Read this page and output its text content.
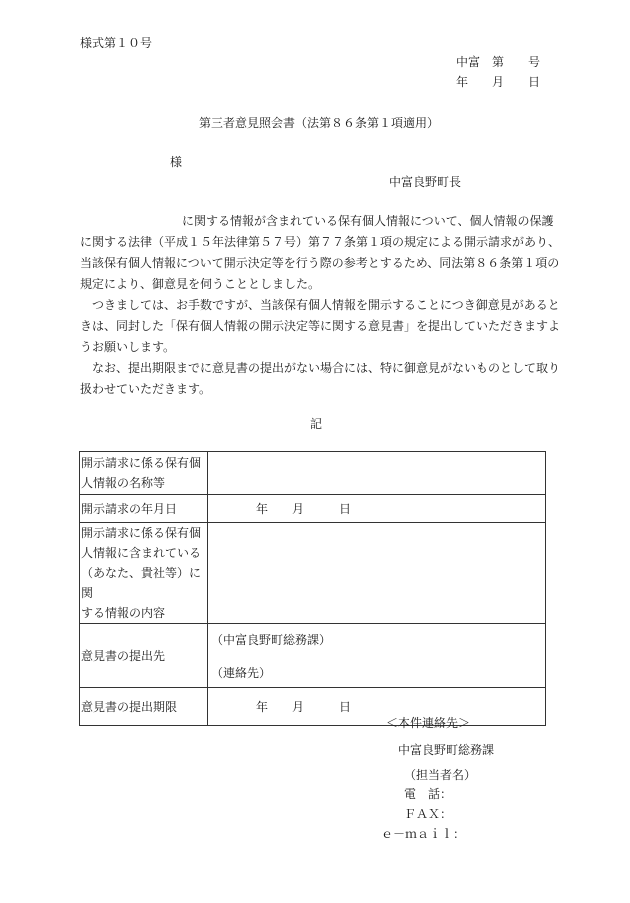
様式第１０号
中富　第　　号
年　　月　　日
第三者意見照会書（法第８６条第１項適用）
様
中富良野町長
に関する情報が含まれている保有個人情報について、個人情報の保護
に関する法律（平成１５年法律第５７号）第７７条第１項の規定による開示請求があり、
当該保有個人情報について開示決定等を行う際の参考とするため、同法第８６条第１項の
規定により、御意見を伺うこととしました。
つきましては、お手数ですが、当該保有個人情報を開示することにつき御意見があると
きは、同封した「保有個人情報の開示決定等に関する意見書」を提出していただきますよ
うお願いします。
なお、提出期限までに意見書の提出がない場合には、特に御意見がないものとして取り
扱わせていただきます。
記
開示請求に係る保有個
人情報の名称等	

開示請求の年月日	年 月 日

開示請求に係る保有個
人情報に含まれている
（あなた、貴社等）に関
する情報の内容	

意見書の提出先	（中富良野町総務課）
（連絡先）

意見書の提出期限	年 月 日
＜本件連絡先＞
中富良野町総務課
（担当者名）
電　話：
ＦＡＸ：
ｅ－ｍａｉｌ：
